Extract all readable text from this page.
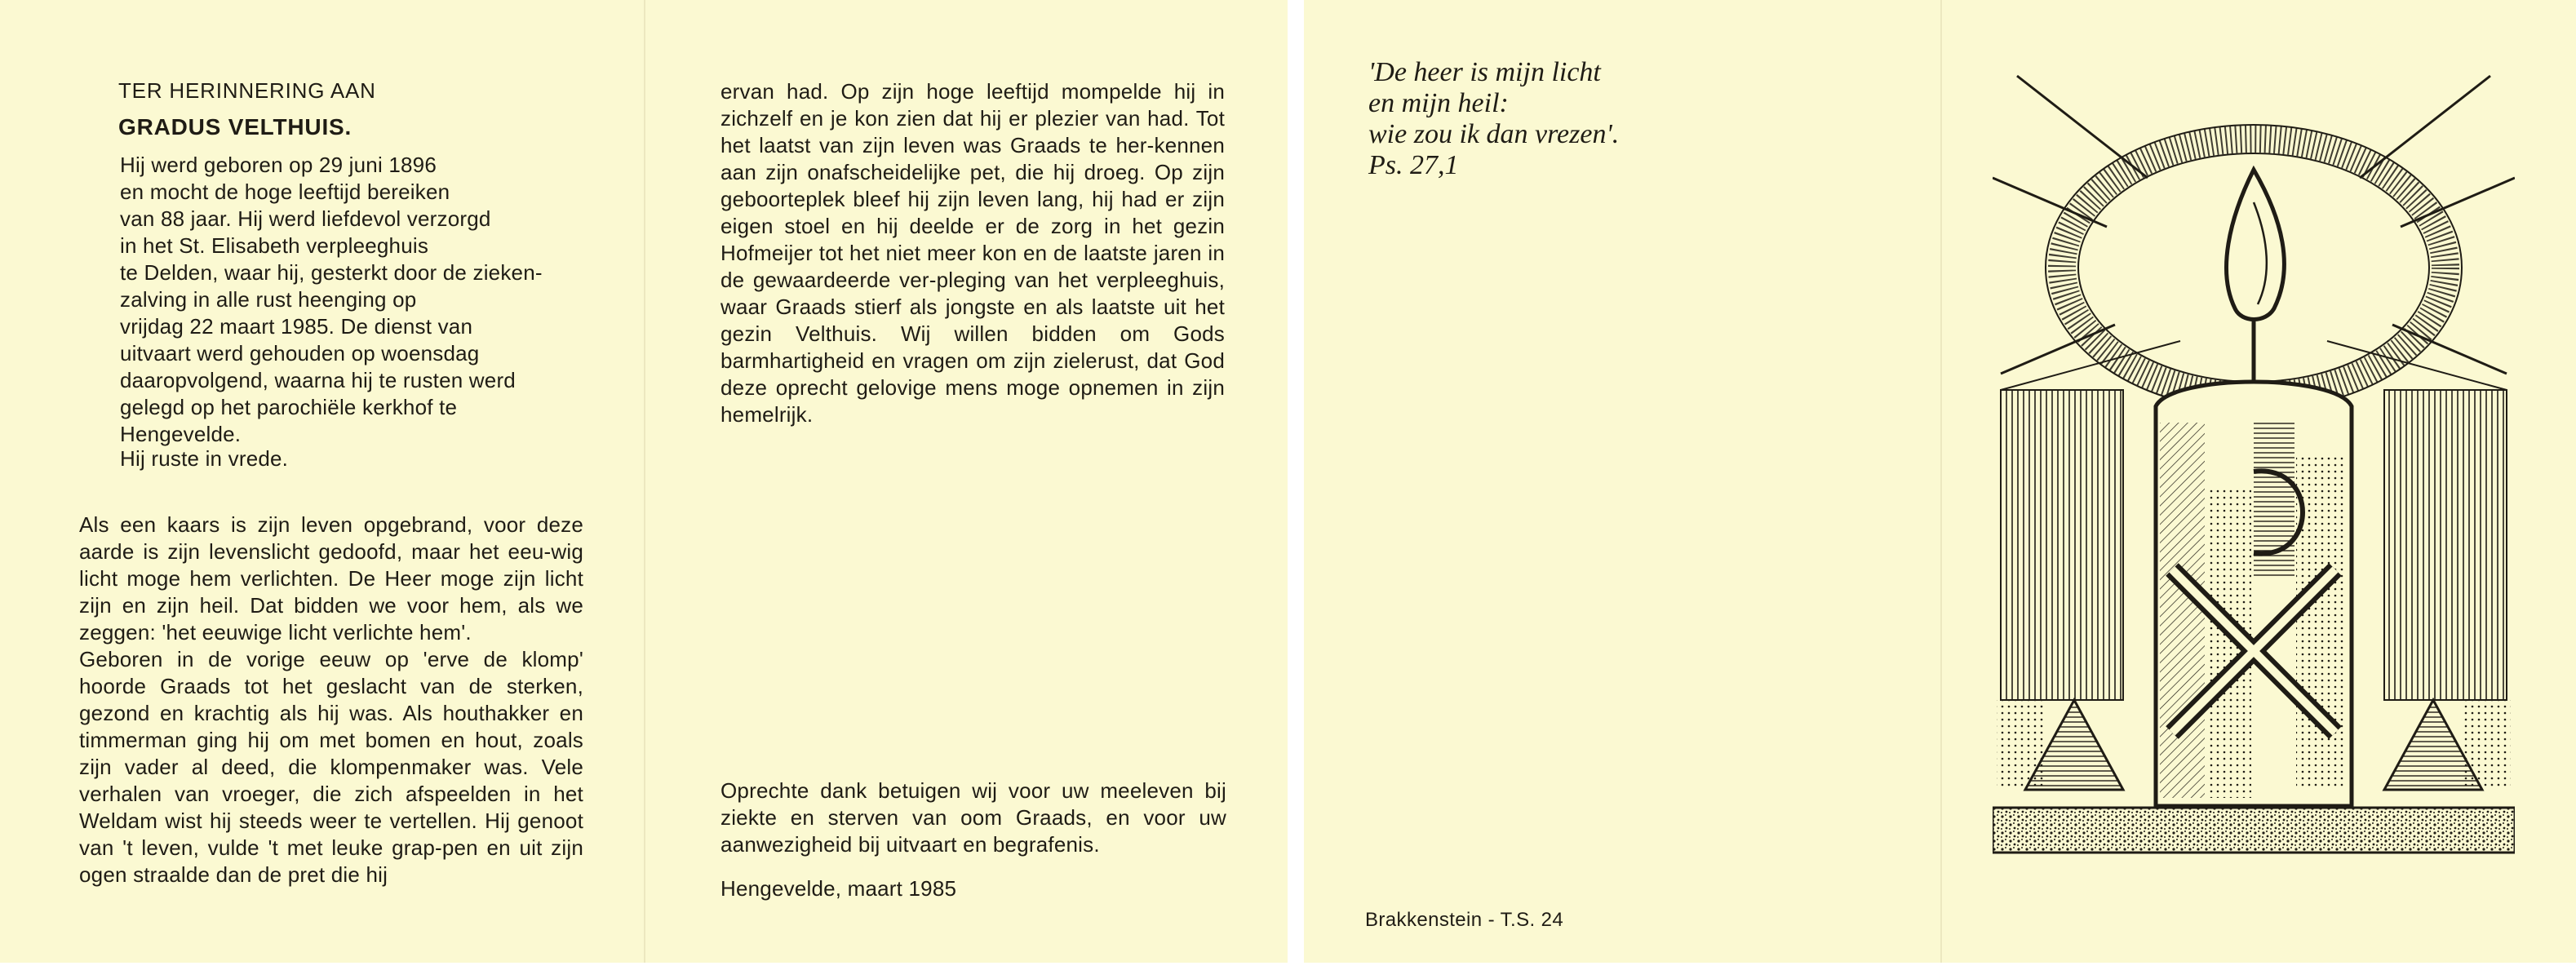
TER HERINNERING AAN
GRADUS VELTHUIS.
Hij werd geboren op 29 juni 1896
en mocht de hoge leeftijd bereiken
van 88 jaar. Hij werd liefdevol verzorgd
in het St. Elisabeth verpleeghuis
te Delden, waar hij, gesterkt door de zieken-
zalving in alle rust heenging op
vrijdag 22 maart 1985. De dienst van
uitvaart werd gehouden op woensdag
daaropvolgend, waarna hij te rusten werd
gelegd op het parochiële kerkhof te
Hengevelde.
Hij ruste in vrede.
Als een kaars is zijn leven opgebrand, voor deze aarde is zijn levenslicht gedoofd, maar het eeu-wig licht moge hem verlichten. De Heer moge zijn licht zijn en zijn heil. Dat bidden we voor hem, als we zeggen: 'het eeuwige licht verlichte hem'.
Geboren in de vorige eeuw op 'erve de klomp' hoorde Graads tot het geslacht van de sterken, gezond en krachtig als hij was. Als houthakker en timmerman ging hij om met bomen en hout, zoals zijn vader al deed, die klompenmaker was. Vele verhalen van vroeger, die zich afspeelden in het Weldam wist hij steeds weer te vertellen. Hij genoot van 't leven, vulde 't met leuke grap-pen en uit zijn ogen straalde dan de pret die hij
ervan had. Op zijn hoge leeftijd mompelde hij in zichzelf en je kon zien dat hij er plezier van had. Tot het laatst van zijn leven was Graads te her-kennen aan zijn onafscheidelijke pet, die hij droeg. Op zijn geboorteplek bleef hij zijn leven lang, hij had er zijn eigen stoel en hij deelde er de zorg in het gezin Hofmeijer tot het niet meer kon en de laatste jaren in de gewaardeerde ver-pleging van het verpleeghuis, waar Graads stierf als jongste en als laatste uit het gezin Velthuis. Wij willen bidden om Gods barmhartigheid en vragen om zijn zielerust, dat God deze oprecht gelovige mens moge opnemen in zijn hemelrijk.
Oprechte dank betuigen wij voor uw meeleven bij ziekte en sterven van oom Graads, en voor uw aanwezigheid bij uitvaart en begrafenis.
Hengevelde, maart 1985
'De heer is mijn licht
en mijn heil:
wie zou ik dan vrezen'.
Ps. 27,1
Brakkenstein - T.S. 24
